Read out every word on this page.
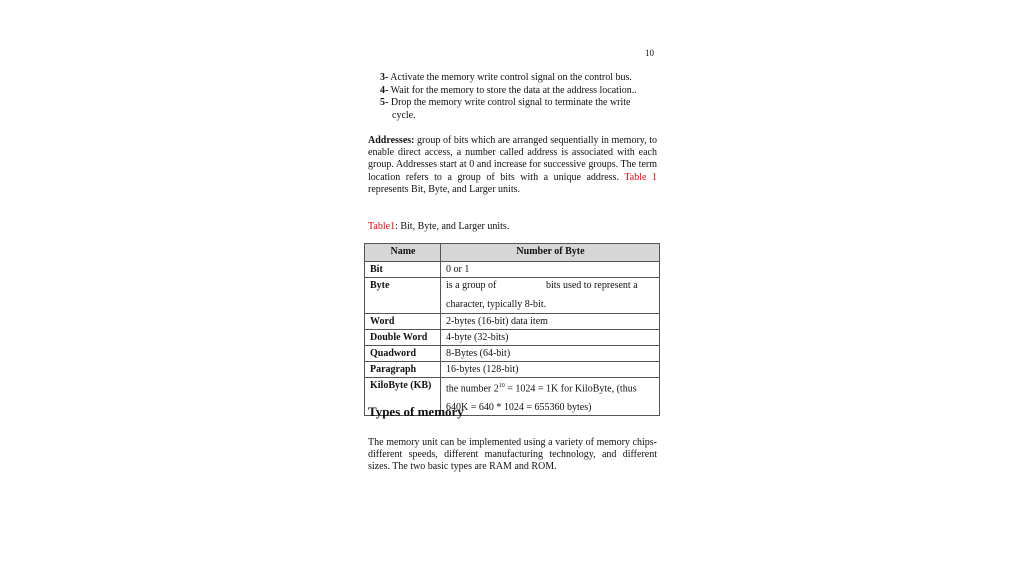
10
3- Activate the memory write control signal on the control bus.
4- Wait for the memory to store the data at the address location..
5- Drop the memory write control signal to terminate the write
cycle.

Addresses: group of bits which are arranged sequentially in memory, to enable direct access, a number called address is associated with each group. Addresses start at 0 and increase for successive groups. The term location refers to a group of bits with a unique address. Table 1 represents Bit, Byte, and Larger units.

Table1: Bit, Byte, and Larger units.
Name	Number of Byte
Bit	0 or 1
Byte	is a group of bits used to represent a
character, typically 8-bit.

Word	2-bytes (16-bit) data item
Double Word	4-byte (32-bits)
Quadword	8-Bytes (64-bit)
Paragraph	16-bytes (128-bit)
KiloByte (KB)	the number $2^{10} = 1024 = 1K$ for KiloByte, (thus
640K = 640 * 1024 = 655360 bytes)
Types of memory

The memory unit can be implemented using a variety of memory chips- different speeds, different manufacturing technology, and different sizes. The two basic types are RAM and ROM.
